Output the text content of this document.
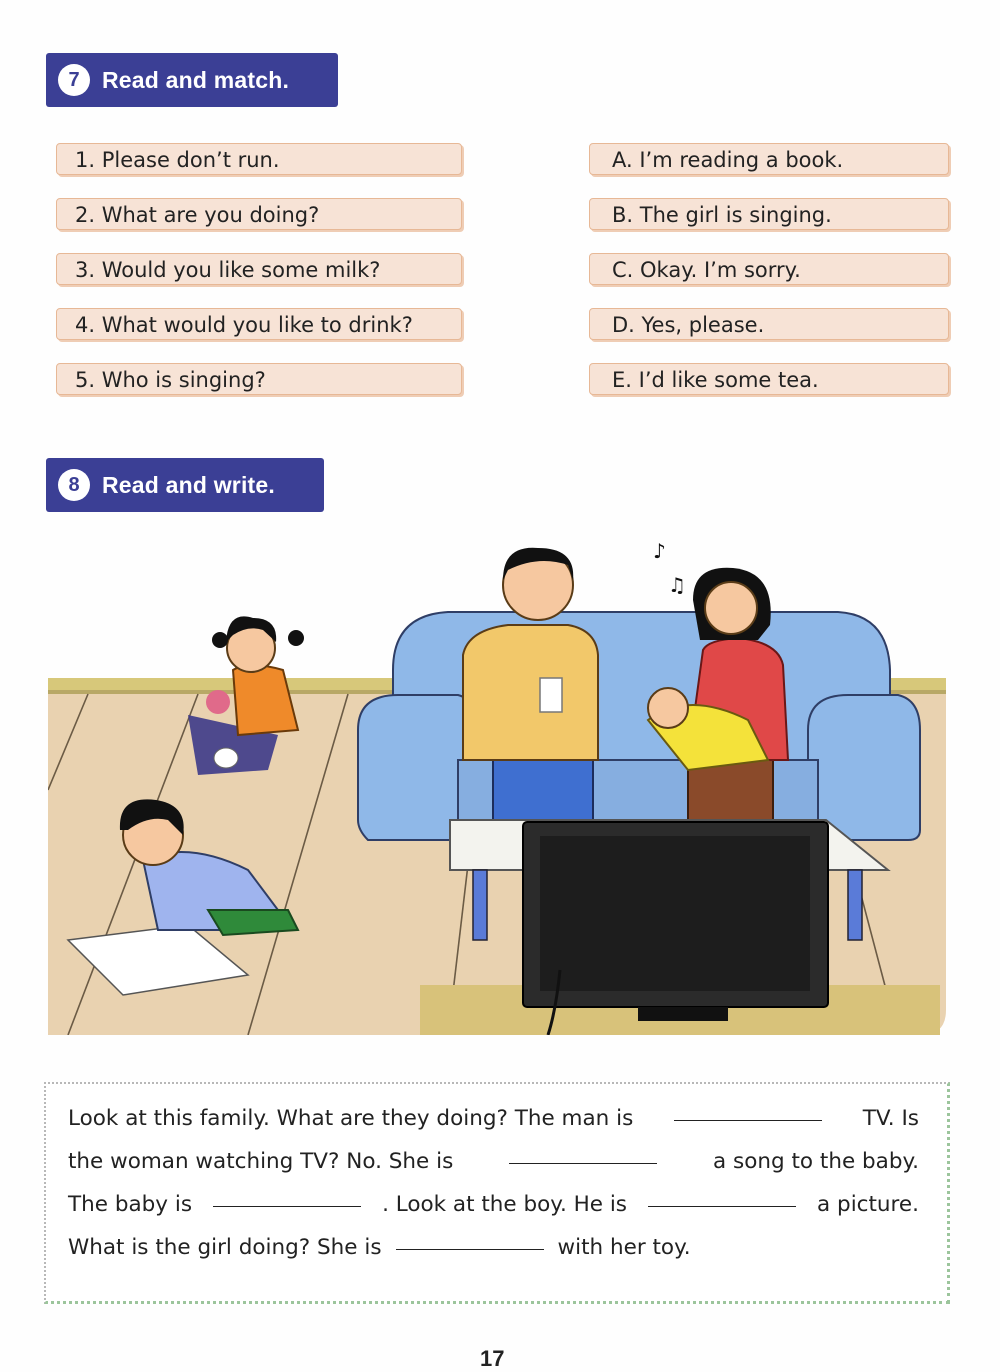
7 Read and match.
1. Please don’t run.
2. What are you doing?
3. Would you like some milk?
4. What would you like to drink?
5. Who is singing?
A. I’m reading a book.
B. The girl is singing.
C. Okay. I’m sorry.
D. Yes, please.
E. I’d like some tea.
8 Read and write.
♪
♫
Look at this family. What are they doing? The man is	TV. Is
the woman watching TV? No. She is	a song to the baby.
The baby is	. Look at the boy. He is	a picture.
What is the girl doing? She is	with her toy.
17
